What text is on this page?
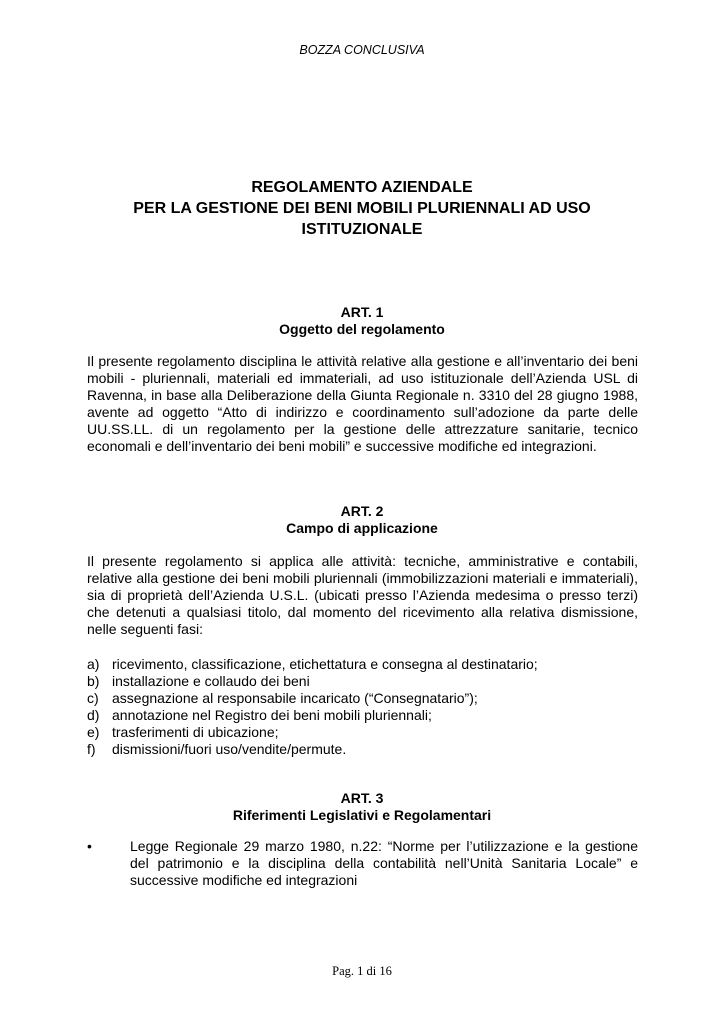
BOZZA CONCLUSIVA
REGOLAMENTO AZIENDALE
PER LA GESTIONE DEI BENI MOBILI PLURIENNALI AD USO
ISTITUZIONALE
ART. 1
Oggetto del regolamento
Il presente regolamento disciplina le attività relative alla gestione e all’inventario dei beni mobili - pluriennali, materiali ed immateriali, ad uso istituzionale dell’Azienda USL di Ravenna, in base alla Deliberazione della Giunta Regionale n. 3310 del 28 giugno 1988, avente ad oggetto “Atto di indirizzo e coordinamento sull’adozione da parte delle UU.SS.LL. di un regolamento per la gestione delle attrezzature sanitarie, tecnico economali e dell’inventario dei beni mobili” e successive modifiche ed integrazioni.
ART. 2
Campo di applicazione
Il presente regolamento si applica alle attività: tecniche, amministrative e contabili, relative alla gestione dei beni mobili pluriennali (immobilizzazioni materiali e immateriali), sia di proprietà dell’Azienda U.S.L. (ubicati presso l’Azienda medesima o presso terzi) che detenuti a qualsiasi titolo, dal momento del ricevimento alla relativa dismissione, nelle seguenti fasi:
a) ricevimento, classificazione, etichettatura e consegna al destinatario;
b) installazione e collaudo dei beni
c) assegnazione al responsabile incaricato (“Consegnatario”);
d) annotazione nel Registro dei beni mobili pluriennali;
e) trasferimenti di ubicazione;
f)	dismissioni/fuori uso/vendite/permute.
ART. 3
Riferimenti Legislativi e Regolamentari
•	Legge Regionale 29 marzo 1980, n.22: “Norme per l’utilizzazione e la gestione del patrimonio e la disciplina della contabilità nell’Unità Sanitaria Locale” e successive modifiche ed integrazioni
Pag. 1 di 16
